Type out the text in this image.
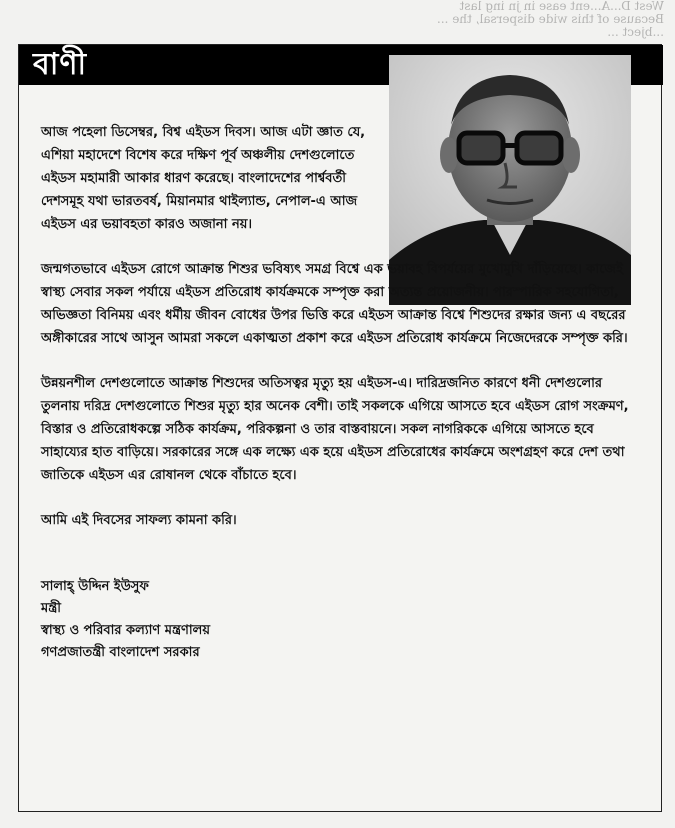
West D...A...ent ease in jn ing last
Because of this wide dispersal, the ...
...bject ...
বাণী

আজ পহেলা ডিসেম্বর, বিশ্ব এইডস দিবস। আজ এটা জ্ঞাত যে, এশিয়া মহাদেশে বিশেষ করে দক্ষিণ পূর্ব অঞ্চলীয় দেশগুলোতে এইডস মহামারী আকার ধারণ করেছে। বাংলাদেশের পার্শ্ববর্তী দেশসমূহ যথা ভারতবর্ষ, মিয়ানমার থাইল্যান্ড, নেপাল-এ আজ এইডস এর ভয়াবহতা কারও অজানা নয়।

জন্মগতভাবে এইডস রোগে আক্রান্ত শিশুর ভবিষ্যৎ সমগ্র বিশ্বে এক ভয়াবহ বিপর্যয়ের মুখোমুখি দাঁড়িয়েছে। কাজেই স্বাস্থ্য সেবার সকল পর্যায়ে এইডস প্রতিরোধ কার্যক্রমকে সম্পৃক্ত করা অত্যন্ত প্রয়োজনীয়। পারস্পারিক সহযোগিতা, অভিজ্ঞতা বিনিময় এবং ধর্মীয় জীবন বোধের উপর ভিত্তি করে এইডস আক্রান্ত বিশ্বে শিশুদের রক্ষার জন্য এ বছরের অঙ্গীকারের সাথে আসুন আমরা সকলে একাত্মতা প্রকাশ করে এইডস প্রতিরোধ কার্যক্রমে নিজেদেরকে সম্পৃক্ত করি।

উন্নয়নশীল দেশগুলোতে আক্রান্ত শিশুদের অতিসত্বর মৃত্যু হয় এইডস-এ। দারিদ্রজনিত কারণে ধনী দেশগুলোর তুলনায় দরিদ্র দেশগুলোতে শিশুর মৃত্যু হার অনেক বেশী। তাই সকলকে এগিয়ে আসতে হবে এইডস রোগ সংক্রমণ, বিস্তার ও প্রতিরোধকল্পে সঠিক কার্যক্রম, পরিকল্পনা ও তার বাস্তবায়নে। সকল নাগরিককে এগিয়ে আসতে হবে সাহায্যের হাত বাড়িয়ে। সরকারের সঙ্গে এক লক্ষ্যে এক হয়ে এইডস প্রতিরোধের কার্যক্রমে অংশগ্রহণ করে দেশ তথা জাতিকে এইডস এর রোষানল থেকে বাঁচাতে হবে।

আমি এই দিবসের সাফল্য কামনা করি।

সালাহ্‌ উদ্দিন ইউসুফ
মন্ত্রী
স্বাস্থ্য ও পরিবার কল্যাণ মন্ত্রণালয়
গণপ্রজাতন্ত্রী বাংলাদেশ সরকার
